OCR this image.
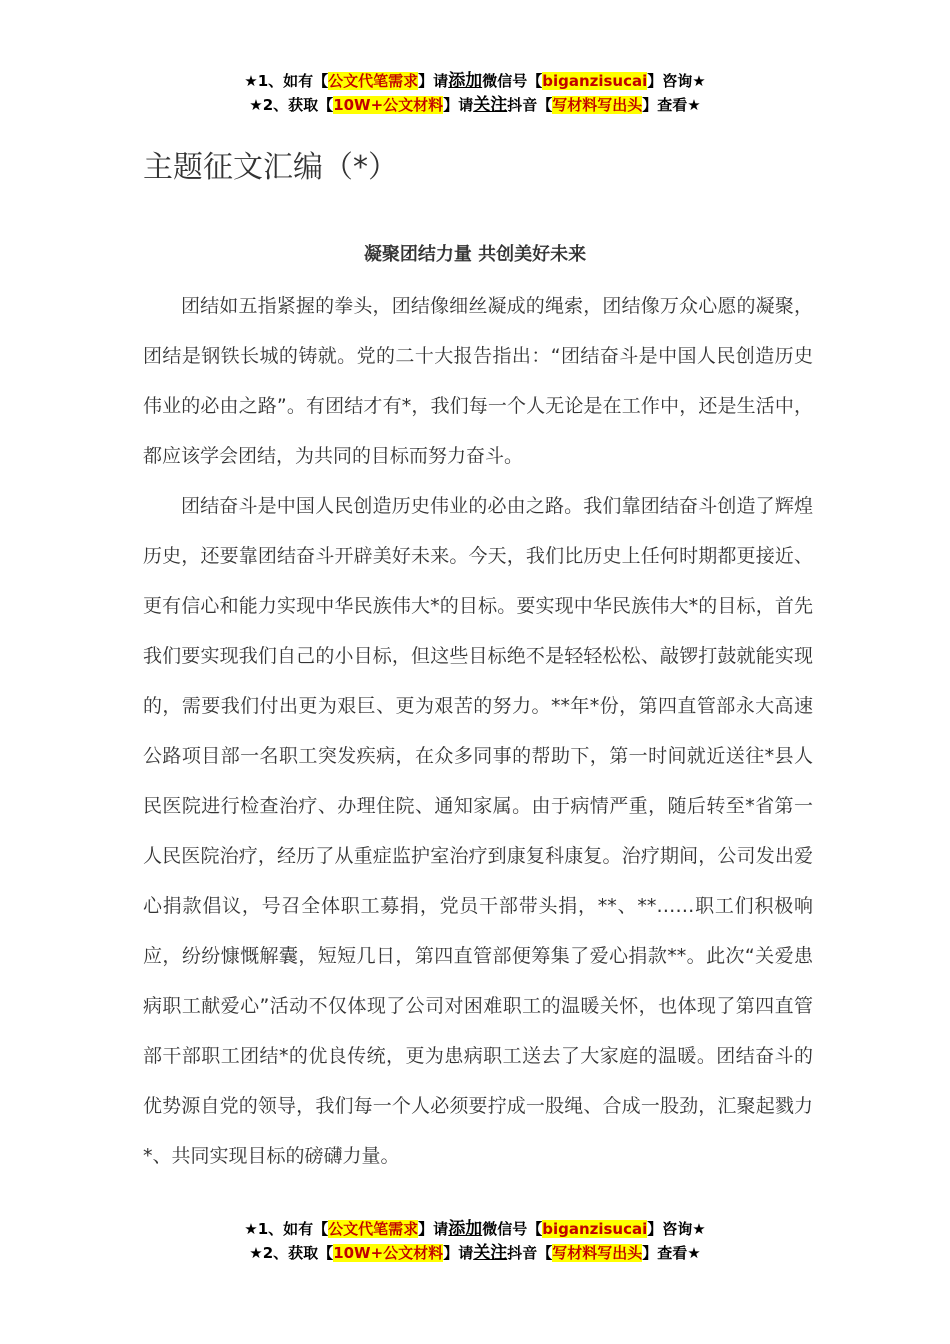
★1、如有【公文代笔需求】请添加微信号【biganzisucai】咨询★
★2、获取【10W+公文材料】请关注抖音【写材料写出头】查看★
主题征文汇编（*）
凝聚团结力量 共创美好未来

团结如五指紧握的拳头，团结像细丝凝成的绳索，团结像万众心愿的凝聚，团结是钢铁长城的铸就。党的二十大报告指出：“团结奋斗是中国人民创造历史伟业的必由之路”。有团结才有*，我们每一个人无论是在工作中，还是生活中，都应该学会团结，为共同的目标而努力奋斗。

团结奋斗是中国人民创造历史伟业的必由之路。我们靠团结奋斗创造了辉煌历史，还要靠团结奋斗开辟美好未来。今天，我们比历史上任何时期都更接近、更有信心和能力实现中华民族伟大*的目标。要实现中华民族伟大*的目标，首先我们要实现我们自己的小目标，但这些目标绝不是轻轻松松、敲锣打鼓就能实现的，需要我们付出更为艰巨、更为艰苦的努力。**年*份，第四直管部永大高速公路项目部一名职工突发疾病，在众多同事的帮助下，第一时间就近送往*县人民医院进行检查治疗、办理住院、通知家属。由于病情严重，随后转至*省第一人民医院治疗，经历了从重症监护室治疗到康复科康复。治疗期间，公司发出爱心捐款倡议，号召全体职工募捐，党员干部带头捐，**、**……职工们积极响应，纷纷慷慨解囊，短短几日，第四直管部便筹集了爱心捐款**。此次“关爱患病职工献爱心”活动不仅体现了公司对困难职工的温暖关怀，也体现了第四直管部干部职工团结*的优良传统，更为患病职工送去了大家庭的温暖。团结奋斗的优势源自党的领导，我们每一个人必须要拧成一股绳、合成一股劲，汇聚起戮力*、共同实现目标的磅礴力量。

★1、如有【公文代笔需求】请添加微信号【biganzisucai】咨询★
★2、获取【10W+公文材料】请关注抖音【写材料写出头】查看★
